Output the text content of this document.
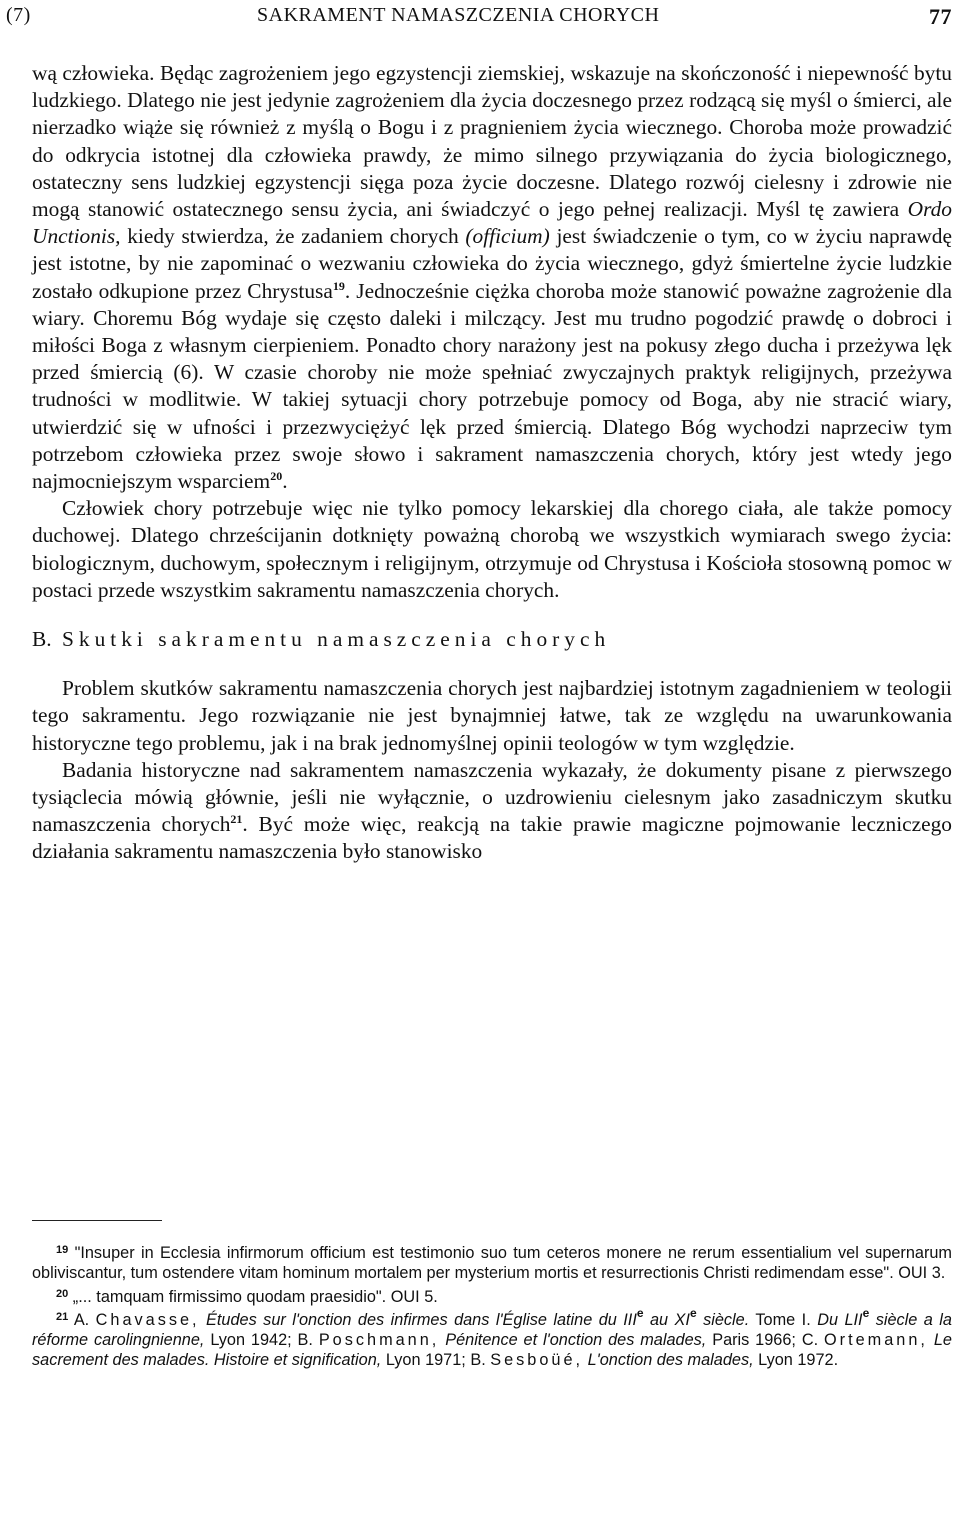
(7)	SAKRAMENT NAMASZCZENIA CHORYCH	77

wą człowieka. Będąc zagrożeniem jego egzystencji ziemskiej, wskazuje na skończoność i niepewność bytu ludzkiego. Dlatego nie jest jedynie zagrożeniem dla życia doczesnego przez rodzącą się myśl o śmierci, ale nierzadko wiąże się również z myślą o Bogu i z pragnieniem życia wiecznego. Choroba może prowadzić do odkrycia istotnej dla człowieka prawdy, że mimo silnego przywiązania do życia biologicznego, ostateczny sens ludzkiej egzystencji sięga poza życie doczesne. Dlatego rozwój cielesny i zdrowie nie mogą stanowić ostatecznego sensu życia, ani świadczyć o jego pełnej realizacji. Myśl tę zawiera Ordo Unctionis, kiedy stwierdza, że zadaniem chorych (officium) jest świadczenie o tym, co w życiu naprawdę jest istotne, by nie zapominać o wezwaniu człowieka do życia wiecznego, gdyż śmiertelne życie ludzkie zostało odkupione przez Chrystusa$^{19}$. Jednocześnie ciężka choroba może stanowić poważne zagrożenie dla wiary. Choremu Bóg wydaje się często daleki i milczący. Jest mu trudno pogodzić prawdę o dobroci i miłości Boga z własnym cierpieniem. Ponadto chory narażony jest na pokusy złego ducha i przeżywa lęk przed śmiercią (6). W czasie choroby nie może spełniać zwyczajnych praktyk religijnych, przeżywa trudności w modlitwie. W takiej sytuacji chory potrzebuje pomocy od Boga, aby nie stracić wiary, utwierdzić się w ufności i przezwyciężyć lęk przed śmiercią. Dlatego Bóg wychodzi naprzeciw tym potrzebom człowieka przez swoje słowo i sakrament namaszczenia chorych, który jest wtedy jego najmocniejszym wsparciem$^{20}$.

Człowiek chory potrzebuje więc nie tylko pomocy lekarskiej dla chorego ciała, ale także pomocy duchowej. Dlatego chrześcijanin dotknięty poważną chorobą we wszystkich wymiarach swego życia: biologicznym, duchowym, społecznym i religijnym, otrzymuje od Chrystusa i Kościoła stosowną pomoc w postaci przede wszystkim sakramentu namaszczenia chorych.

B. Skutki sakramentu namaszczenia chorych

Problem skutków sakramentu namaszczenia chorych jest najbardziej istotnym zagadnieniem w teologii tego sakramentu. Jego rozwiązanie nie jest bynajmniej łatwe, tak ze względu na uwarunkowania historyczne tego problemu, jak i na brak jednomyślnej opinii teologów w tym względzie.

Badania historyczne nad sakramentem namaszczenia wykazały, że dokumenty pisane z pierwszego tysiąclecia mówią głównie, jeśli nie wyłącznie, o uzdrowieniu cielesnym jako zasadniczym skutku namaszczenia chorych$^{21}$. Być może więc, reakcją na takie prawie magiczne pojmowanie leczniczego działania sakramentu namaszczenia było stanowisko

$^{19}$ "Insuper in Ecclesia infirmorum officium est testimonio suo tum ceteros monere ne rerum essentialium vel supernarum obliviscantur, tum ostendere vitam hominum mortalem per mysterium mortis et resurrectionis Christi redimendam esse". OUI 3.

$^{20}$ „... tamquam firmissimo quodam praesidio". OUI 5.

$^{21}$ A. Chavasse, Études sur l'onction des infirmes dans l'Église latine du IIIe au XIe siècle. Tome I. Du LIIe siècle a la réforme carolingnienne, Lyon 1942; B. Poschmann, Pénitence et l'onction des malades, Paris 1966; C. Ortemann, Le sacrement des malades. Histoire et signification, Lyon 1971; B. Sesboüé, L'onction des malades, Lyon 1972.
